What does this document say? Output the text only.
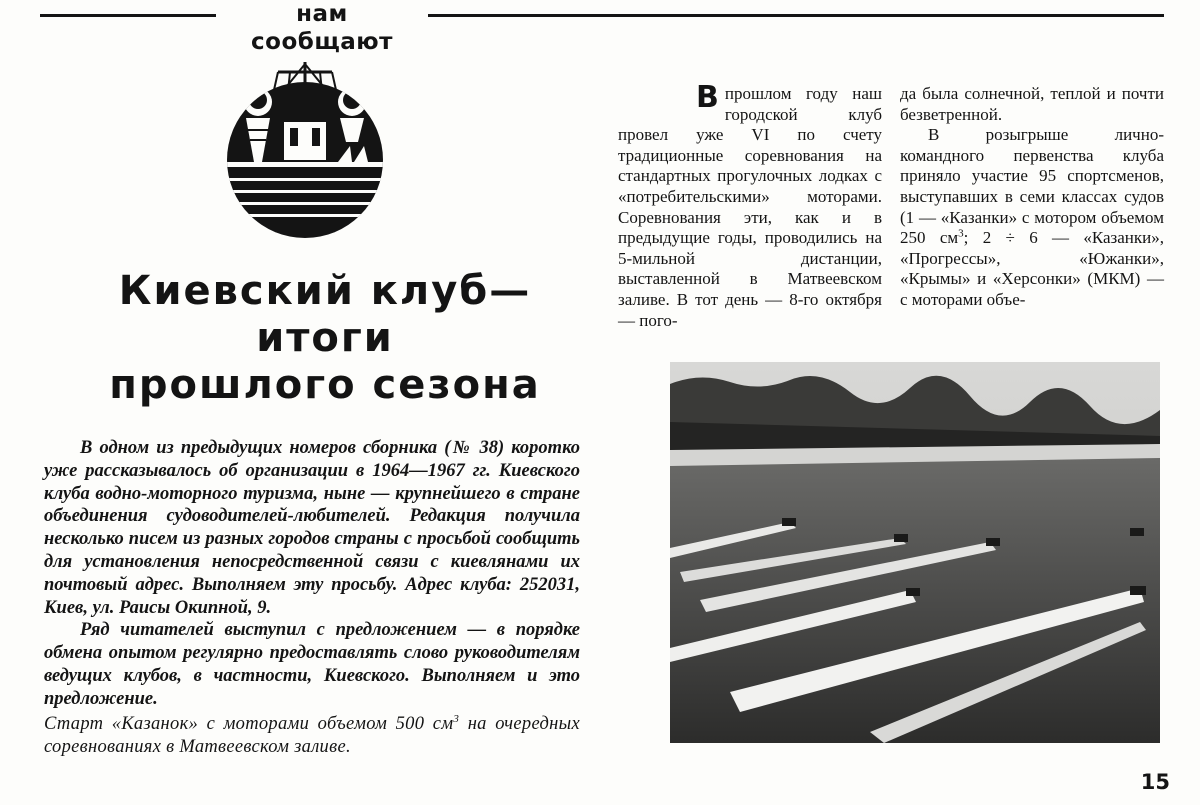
нам сообщают
Киевский клуб—
итоги
прошлого сезона

В одном из предыдущих номеров сборника (№ 38) коротко уже рассказывалось об организации в 1964—1967 гг. Киевского клуба водно-моторного туризма, ныне — крупнейшего в стране объединения судоводителей-любителей. Редакция получила несколько писем из разных городов страны с просьбой сообщить для установления непосредственной связи с киевлянами их почтовый адрес. Выполняем эту просьбу. Адрес клуба: 252031, Киев, ул. Раисы Окипной, 9.

Ряд читателей выступил с предложением — в порядке обмена опытом регулярно предоставлять слово руководителям ведущих клубов, в частности, Киевского. Выполняем и это предложение.

Старт «Казанок» с моторами объемом 500 $см^3$ на очередных соревнованиях в Матвеевском заливе.

Впрошлом году наш городской клуб провел уже VI по счету традиционные соревнования на стандартных прогулочных лодках с «потребительскими» моторами. Соревнования эти, как и в предыдущие годы, проводились на 5-мильной дистанции, выставленной в Матвеевском заливе. В тот день — 8-го октября — пого-

да была солнечной, теплой и почти безветренной.

В розыгрыше лично-командного первенства клуба приняло участие 95 спортсменов, выступавших в семи классах судов (1 — «Казанки» с мотором объемом 250 $см^3$; 2 ÷ 6 — «Казанки», «Прогрессы», «Южанки», «Крымы» и «Херсонки» (МКМ) — с моторами объе-

15
